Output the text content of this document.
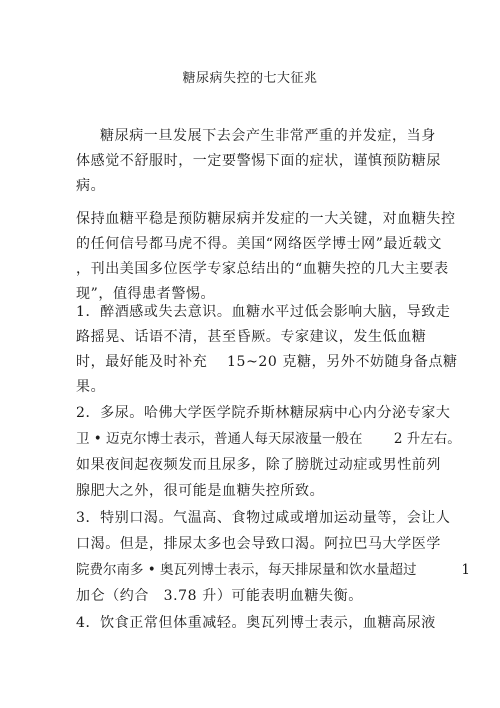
糖尿病失控的七大征兆
糖尿病一旦发展下去会产生非常严重的并发症，当身
体感觉不舒服时，一定要警惕下面的症状，谨慎预防糖尿
病。
保持血糖平稳是预防糖尿病并发症的一大关键，对血糖失控
的任何信号都马虎不得。美国“网络医学博士网”最近载文
，刊出美国多位医学专家总结出的“血糖失控的几大主要表
现”，值得患者警惕。
1．醉酒感或失去意识。血糖水平过低会影响大脑，导致走
路摇晃、话语不清，甚至昏厥。专家建议，发生低血糖
时，最好能及时补充　 15~20 克糖，另外不妨随身备点糖
果。
2．多尿。哈佛大学医学院乔斯林糖尿病中心内分泌专家大
卫 • 迈克尔博士表示，普通人每天尿液量一般在　　 2 升左右。
如果夜间起夜频发而且尿多，除了膀胱过动症或男性前列
腺肥大之外，很可能是血糖失控所致。
3．特别口渴。气温高、食物过咸或增加运动量等，会让人
口渴。但是，排尿太多也会导致口渴。阿拉巴马大学医学
院费尔南多 • 奥瓦列博士表示，每天排尿量和饮水量超过　　　 1
加仑（约合　3.78 升）可能表明血糖失衡。
4．饮食正常但体重减轻。奥瓦列博士表示，血糖高尿液
